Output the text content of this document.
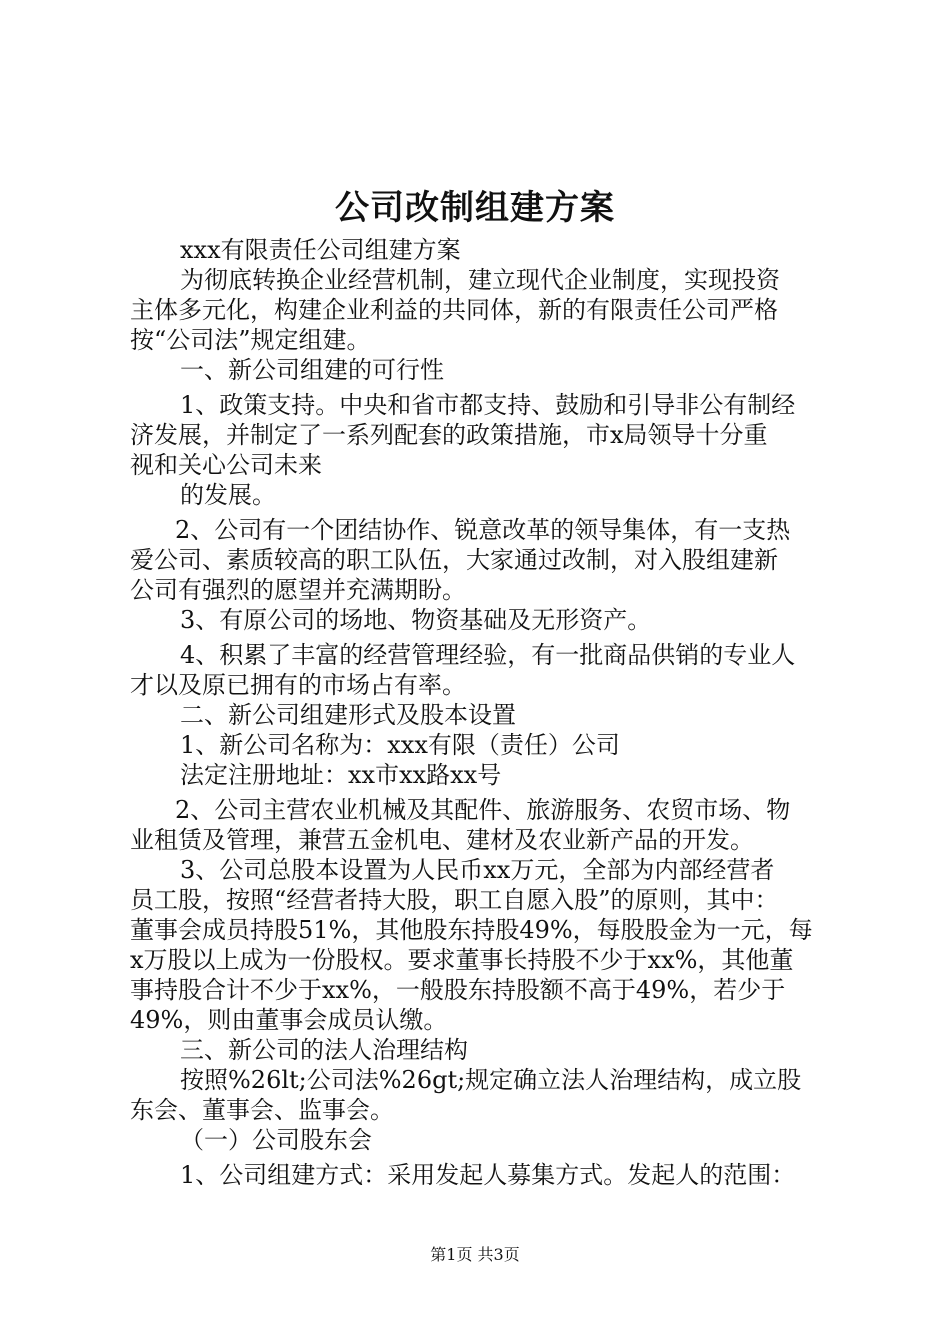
公司改制组建方案
xxx有限责任公司组建方案
为彻底转换企业经营机制，建立现代企业制度，实现投资
主体多元化，构建企业利益的共同体，新的有限责任公司严格
按“公司法”规定组建。
一、新公司组建的可行性
1、政策支持。中央和省市都支持、鼓励和引导非公有制经
济发展，并制定了一系列配套的政策措施，市x局领导十分重
视和关心公司未来
的发展。
2、公司有一个团结协作、锐意改革的领导集体，有一支热
爱公司、素质较高的职工队伍，大家通过改制，对入股组建新
公司有强烈的愿望并充满期盼。
3、有原公司的场地、物资基础及无形资产。
4、积累了丰富的经营管理经验，有一批商品供销的专业人
才以及原已拥有的市场占有率。
二、新公司组建形式及股本设置
1、新公司名称为：xxx有限（责任）公司
法定注册地址：xx市xx路xx号
2、公司主营农业机械及其配件、旅游服务、农贸市场、物
业租赁及管理，兼营五金机电、建材及农业新产品的开发。
3、公司总股本设置为人民币xx万元，全部为内部经营者
员工股，按照“经营者持大股，职工自愿入股”的原则，其中：
董事会成员持股51%，其他股东持股49%，每股股金为一元，每
x万股以上成为一份股权。要求董事长持股不少于xx%，其他董
事持股合计不少于xx%，一般股东持股额不高于49%，若少于
49%，则由董事会成员认缴。
三、新公司的法人治理结构
按照%26lt;公司法%26gt;规定确立法人治理结构，成立股
东会、董事会、监事会。
（一）公司股东会
1、公司组建方式：采用发起人募集方式。发起人的范围：
第1页 共3页
